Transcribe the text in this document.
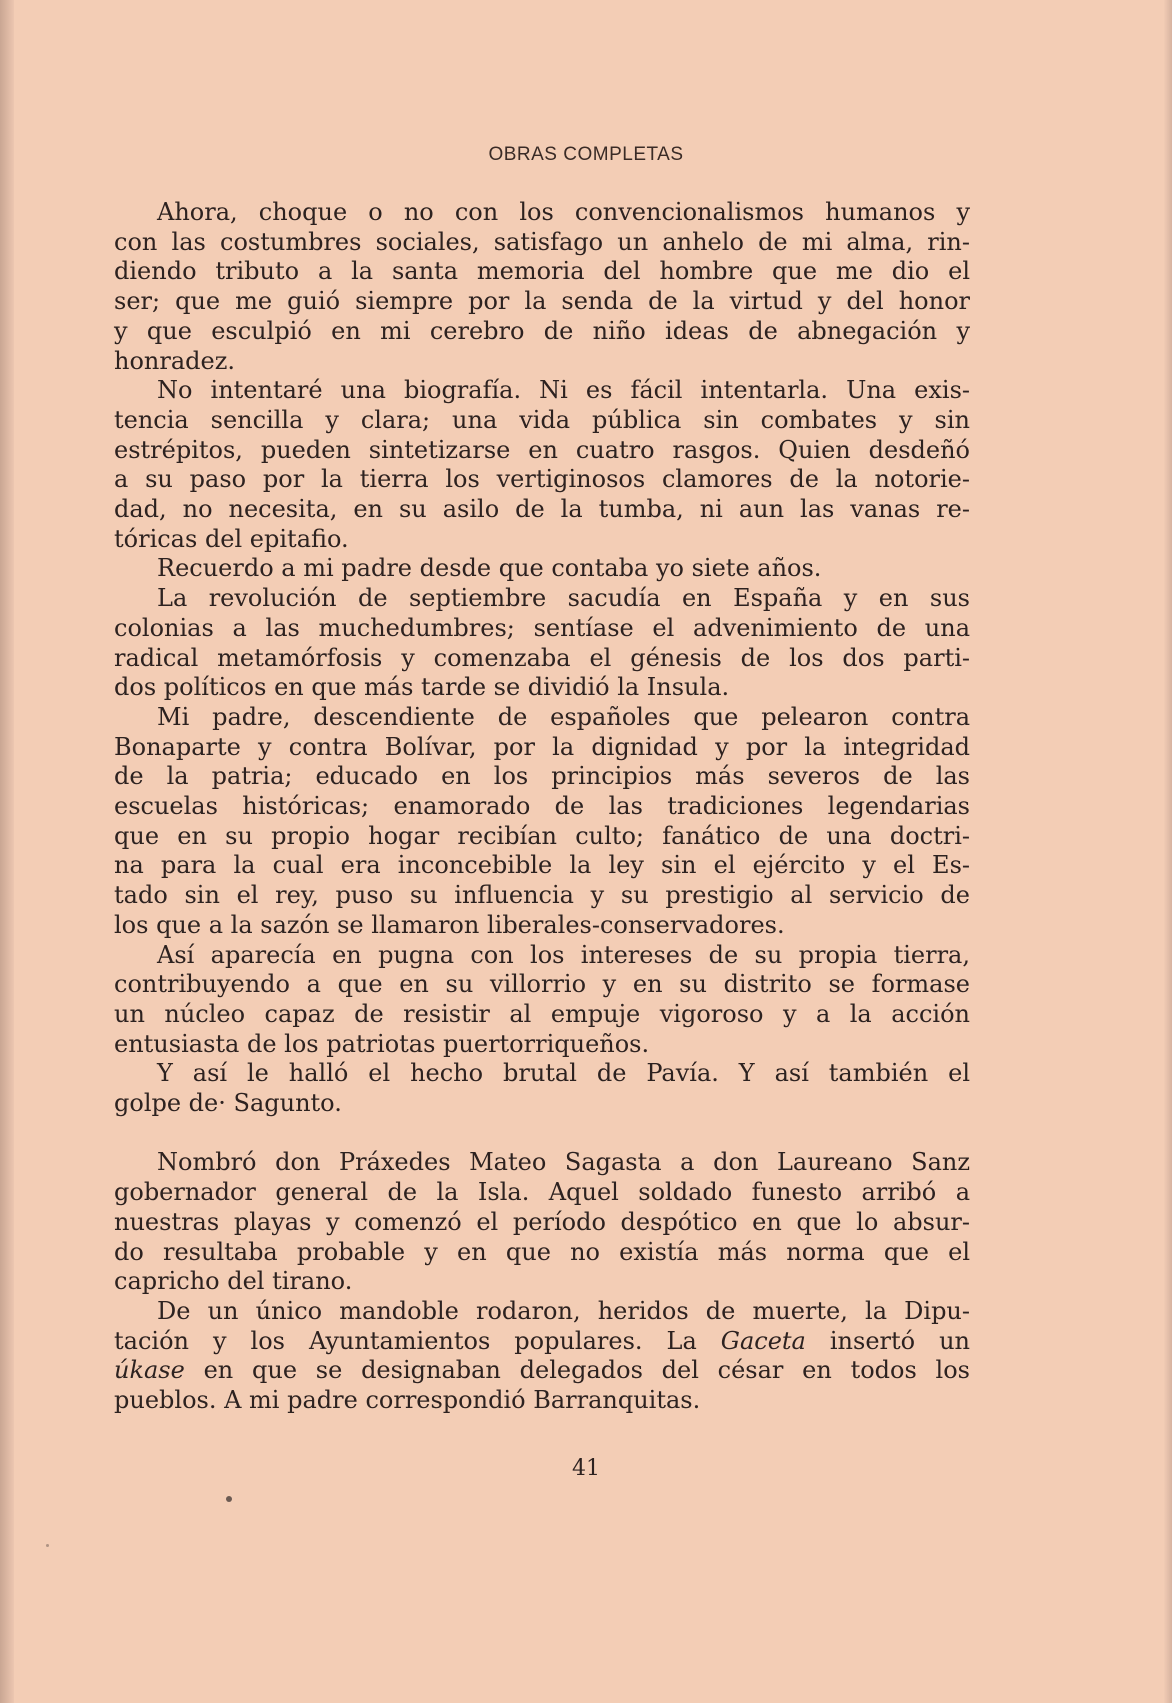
OBRAS COMPLETAS

Ahora, choque o no con los convencionalismos humanos y
con las costumbres sociales, satisfago un anhelo de mi alma, rin-
diendo tributo a la santa memoria del hombre que me dio el
ser; que me guió siempre por la senda de la virtud y del honor
y que esculpió en mi cerebro de niño ideas de abnegación y
honradez.

No intentaré una biografía. Ni es fácil intentarla. Una exis-
tencia sencilla y clara; una vida pública sin combates y sin
estrépitos, pueden sintetizarse en cuatro rasgos. Quien desdeñó
a su paso por la tierra los vertiginosos clamores de la notorie-
dad, no necesita, en su asilo de la tumba, ni aun las vanas re-
tóricas del epitafio.

Recuerdo a mi padre desde que contaba yo siete años.

La revolución de septiembre sacudía en España y en sus
colonias a las muchedumbres; sentíase el advenimiento de una
radical metamórfosis y comenzaba el génesis de los dos parti-
dos políticos en que más tarde se dividió la Insula.

Mi padre, descendiente de españoles que pelearon contra
Bonaparte y contra Bolívar, por la dignidad y por la integridad
de la patria; educado en los principios más severos de las
escuelas históricas; enamorado de las tradiciones legendarias
que en su propio hogar recibían culto; fanático de una doctri-
na para la cual era inconcebible la ley sin el ejército y el Es-
tado sin el rey, puso su influencia y su prestigio al servicio de
los que a la sazón se llamaron liberales-conservadores.

Así aparecía en pugna con los intereses de su propia tierra,
contribuyendo a que en su villorrio y en su distrito se formase
un núcleo capaz de resistir al empuje vigoroso y a la acción
entusiasta de los patriotas puertorriqueños.

Y así le halló el hecho brutal de Pavía. Y así también el
golpe de· Sagunto.

Nombró don Práxedes Mateo Sagasta a don Laureano Sanz
gobernador general de la Isla. Aquel soldado funesto arribó a
nuestras playas y comenzó el período despótico en que lo absur-
do resultaba probable y en que no existía más norma que el
capricho del tirano.

De un único mandoble rodaron, heridos de muerte, la Dipu-
tación y los Ayuntamientos populares. La Gaceta insertó un
úkase en que se designaban delegados del césar en todos los
pueblos. A mi padre correspondió Barranquitas.

41
